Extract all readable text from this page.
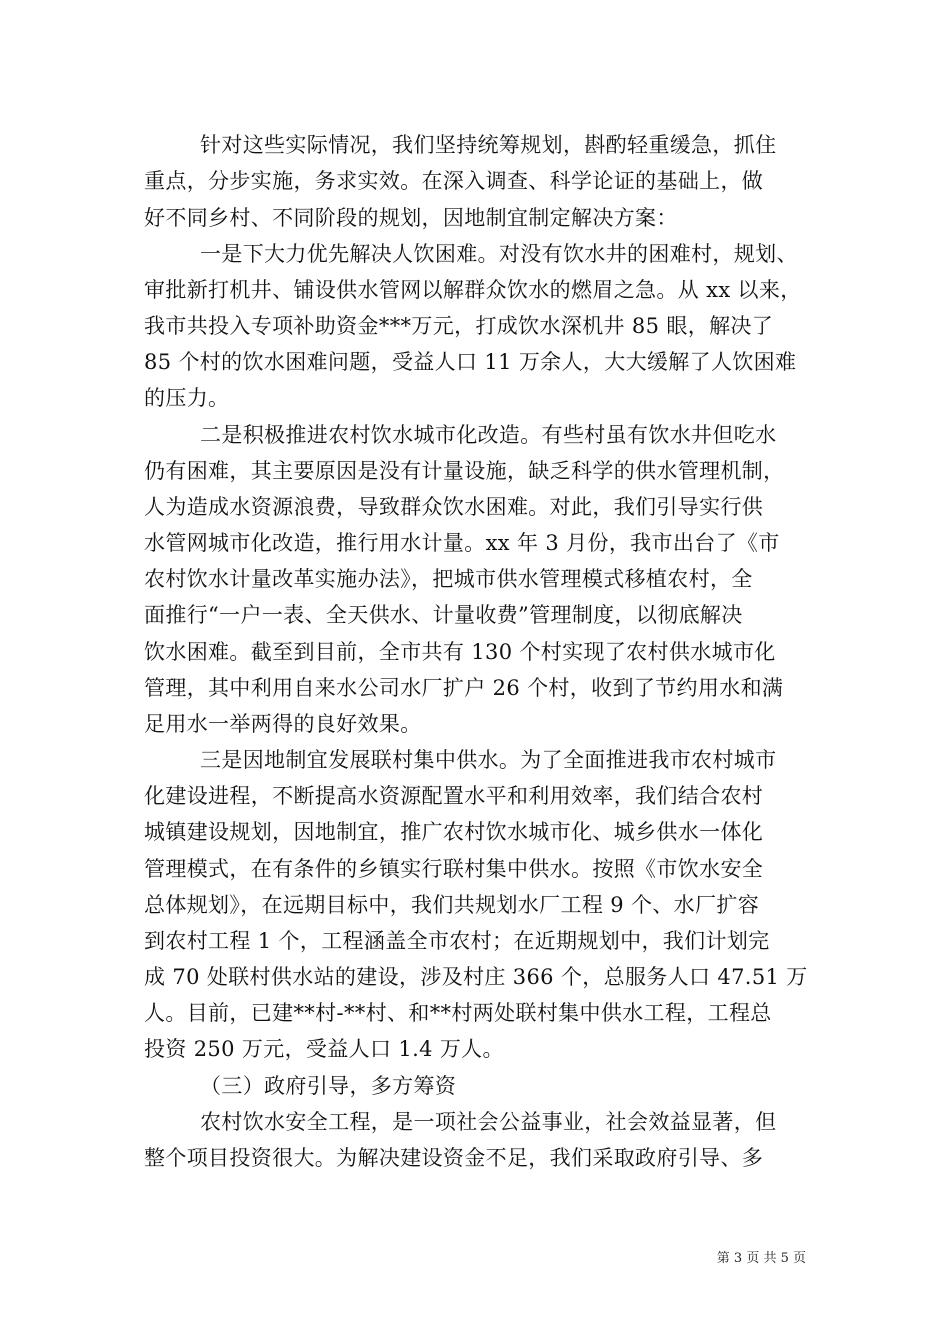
针对这些实际情况，我们坚持统筹规划，斟酌轻重缓急，抓住
重点，分步实施，务求实效。在深入调查、科学论证的基础上，做
好不同乡村、不同阶段的规划，因地制宜制定解决方案：
一是下大力优先解决人饮困难。对没有饮水井的困难村，规划、
审批新打机井、铺设供水管网以解群众饮水的燃眉之急。从 xx 以来，
我市共投入专项补助资金***万元，打成饮水深机井 85 眼，解决了
85 个村的饮水困难问题，受益人口 11 万余人，大大缓解了人饮困难
的压力。
二是积极推进农村饮水城市化改造。有些村虽有饮水井但吃水
仍有困难，其主要原因是没有计量设施，缺乏科学的供水管理机制，
人为造成水资源浪费，导致群众饮水困难。对此，我们引导实行供
水管网城市化改造，推行用水计量。xx 年 3 月份，我市出台了《市
农村饮水计量改革实施办法》，把城市供水管理模式移植农村，全
面推行“一户一表、全天供水、计量收费”管理制度，以彻底解决
饮水困难。截至到目前，全市共有 130 个村实现了农村供水城市化
管理，其中利用自来水公司水厂扩户 26 个村，收到了节约用水和满
足用水一举两得的良好效果。
三是因地制宜发展联村集中供水。为了全面推进我市农村城市
化建设进程，不断提高水资源配置水平和利用效率，我们结合农村
城镇建设规划，因地制宜，推广农村饮水城市化、城乡供水一体化
管理模式，在有条件的乡镇实行联村集中供水。按照《市饮水安全
总体规划》，在远期目标中，我们共规划水厂工程 9 个、水厂扩容
到农村工程 1 个，工程涵盖全市农村；在近期规划中，我们计划完
成 70 处联村供水站的建设，涉及村庄 366 个，总服务人口 47.51 万
人。目前，已建**村-**村、和**村两处联村集中供水工程，工程总
投资 250 万元，受益人口 1.4 万人。
（三）政府引导，多方筹资
农村饮水安全工程，是一项社会公益事业，社会效益显著，但
整个项目投资很大。为解决建设资金不足，我们采取政府引导、多
第 3 页 共 5 页
